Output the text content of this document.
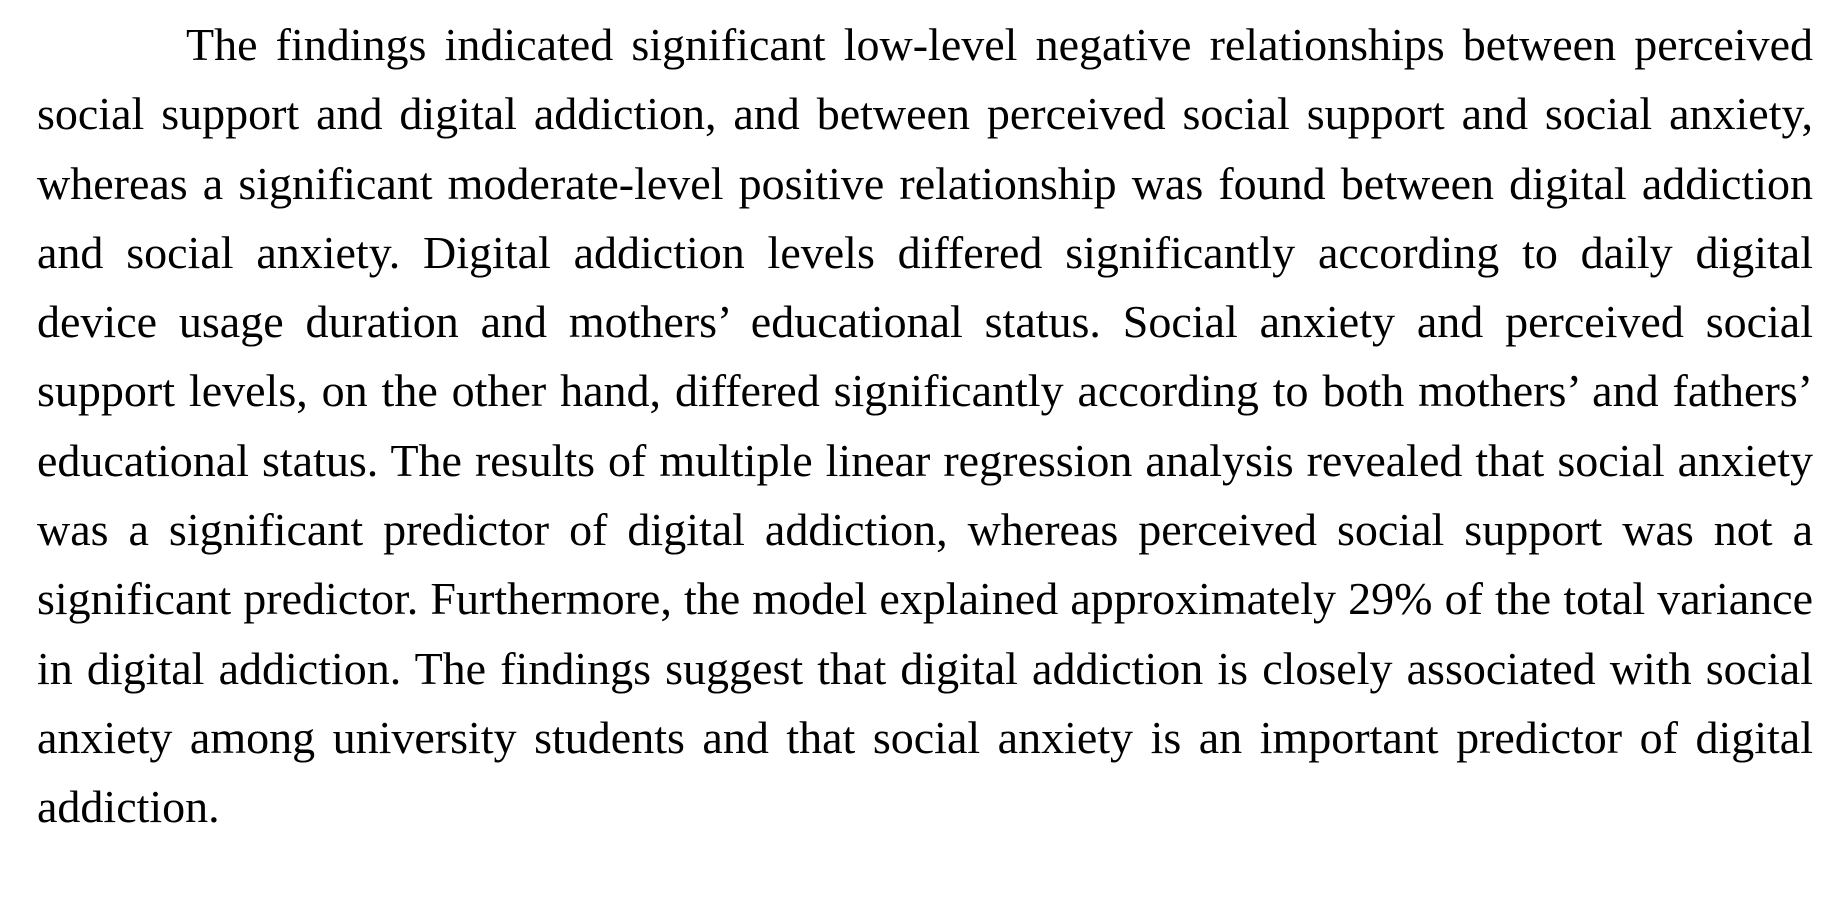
The findings indicated significant low-level negative relationships between perceived social support and digital addiction, and between perceived social support and social anxiety, whereas a significant moderate-level positive relationship was found between digital addiction and social anxiety. Digital addiction levels differed significantly according to daily digital device usage duration and mothers’ educational status. Social anxiety and perceived social support levels, on the other hand, differed significantly according to both mothers’ and fathers’ educational status. The results of multiple linear regression analysis revealed that social anxiety was a significant predictor of digital addiction, whereas perceived social support was not a significant predictor. Furthermore, the model explained approximately 29% of the total variance in digital addiction. The findings suggest that digital addiction is closely associated with social anxiety among university students and that social anxiety is an important predictor of digital addiction.
